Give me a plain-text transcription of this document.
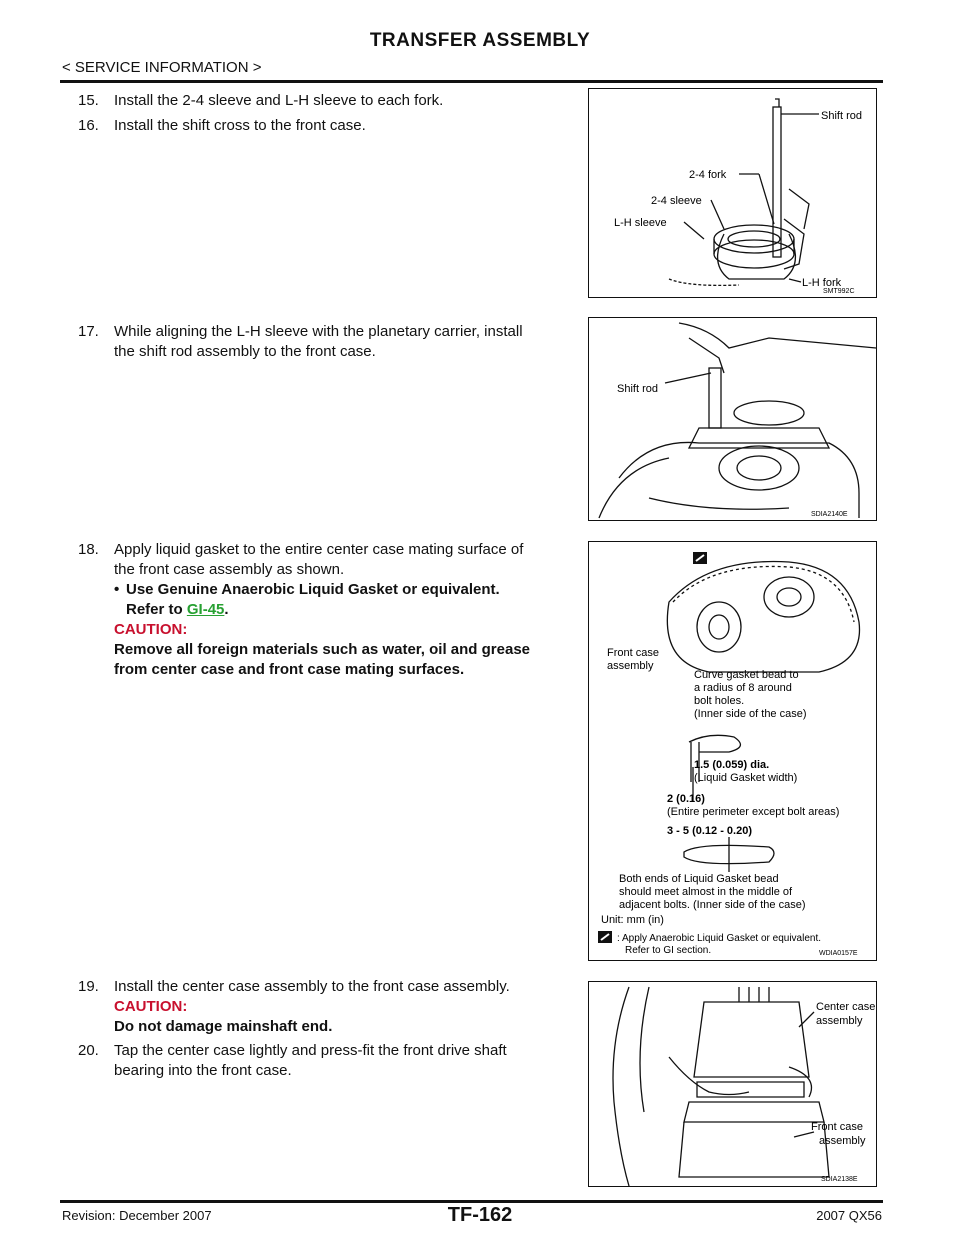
TRANSFER ASSEMBLY
< SERVICE INFORMATION >
15. Install the 2-4 sleeve and L-H sleeve to each fork.
16. Install the shift cross to the front case.
17. While aligning the L-H sleeve with the planetary carrier, install
the shift rod assembly to the front case.
18. Apply liquid gasket to the entire center case mating surface of
the front case assembly as shown.
• Use Genuine Anaerobic Liquid Gasket or equivalent.
Refer to GI-45.
CAUTION:
Remove all foreign materials such as water, oil and grease
from center case and front case mating surfaces.
19. Install the center case assembly to the front case assembly.
CAUTION:
Do not damage mainshaft end.
20. Tap the center case lightly and press-fit the front drive shaft
bearing into the front case.
Shift rod
2-4 fork
2-4 sleeve
L-H sleeve
L-H fork
SMT992C
Shift rod
SDIA2140E
Front case
assembly
Curve gasket bead to
a radius of 8 around
bolt holes.
(Inner side of the case)
1.5 (0.059) dia.
(Liquid Gasket width)
2 (0.16)
(Entire perimeter except bolt areas)
3 - 5 (0.12 - 0.20)
Both ends of Liquid Gasket bead
should meet almost in the middle of
adjacent bolts. (Inner side of the case)
Unit: mm (in)
: Apply Anaerobic Liquid Gasket or equivalent.
Refer to GI section.	WDIA0157E
Center case
assembly
Front case
assembly
SDIA2138E
Revision: December 2007	TF-162	2007 QX56
